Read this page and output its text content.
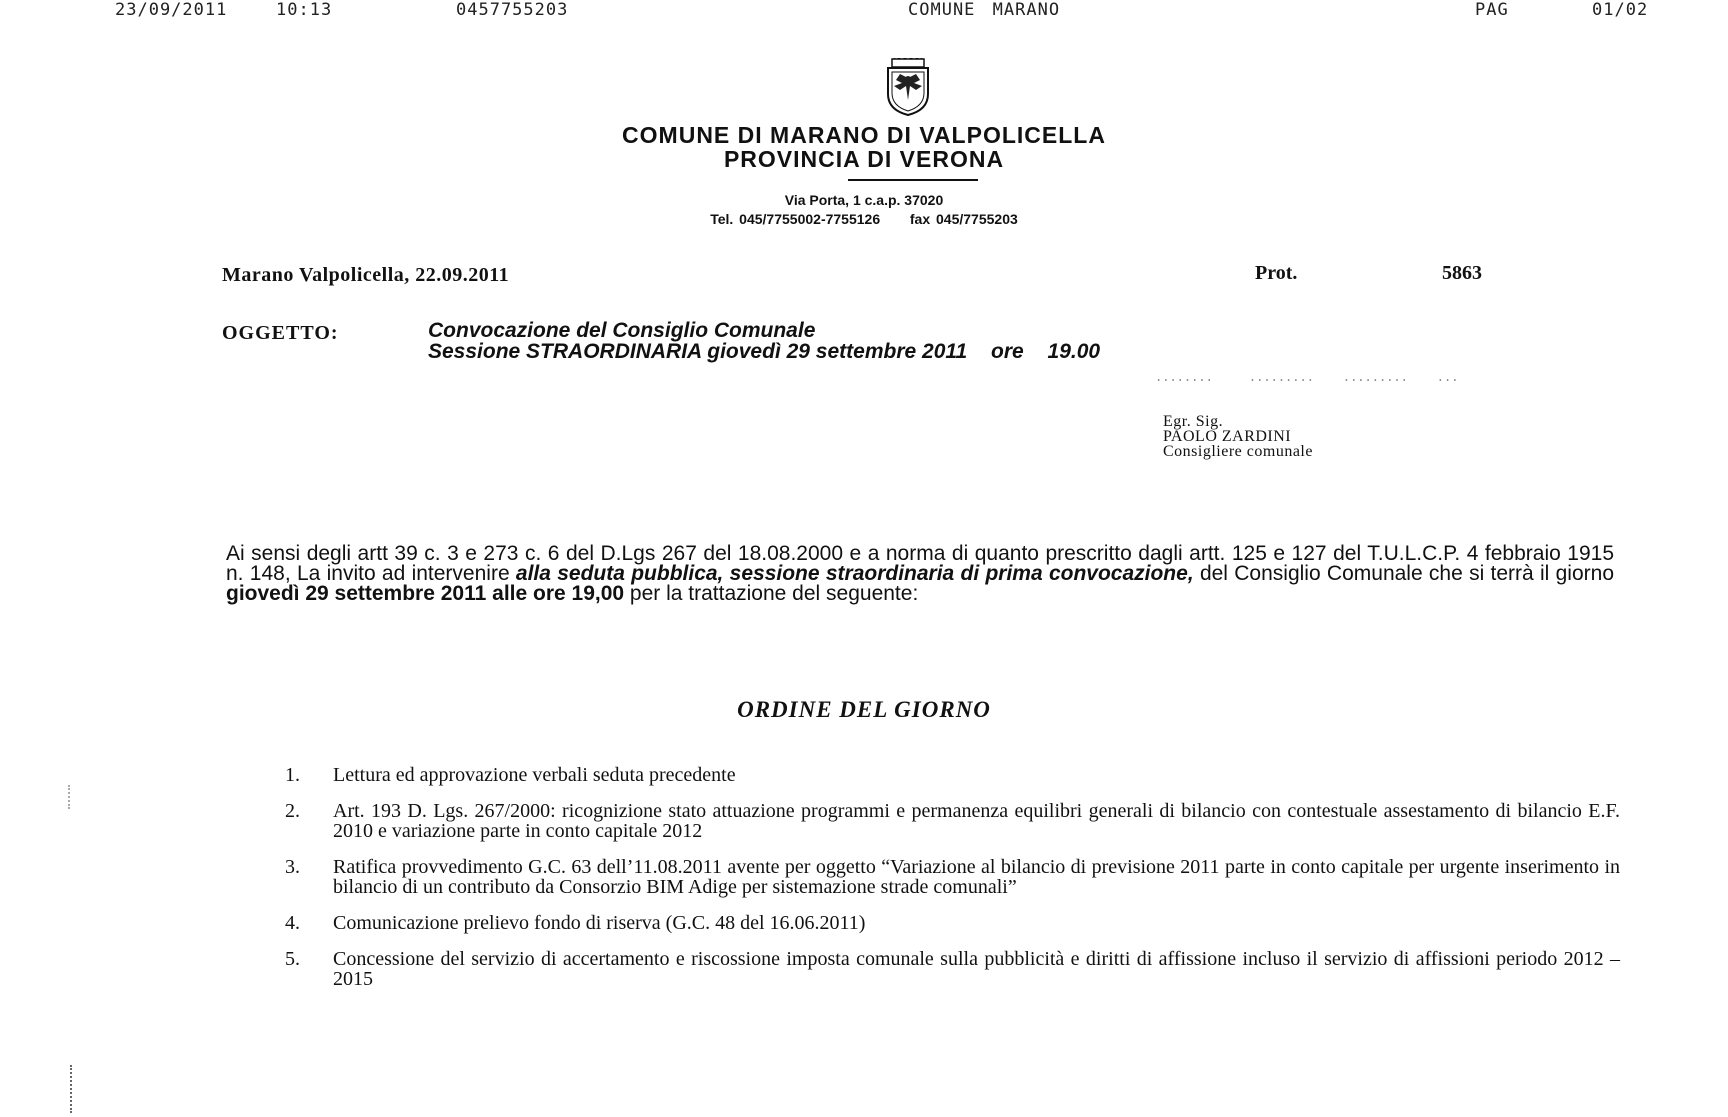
23/09/2011	10:13	0457755203	COMUNE MARANO	PAG	01/02
COMUNE DI MARANO DI VALPOLICELLA
PROVINCIA DI VERONA
Via Porta, 1 c.a.p. 37020
Tel. 045/7755002-7755126 fax 045/7755203
Marano Valpolicella, 22.09.2011	Prot.	5863
OGGETTO:	Convocazione del Consiglio Comunale
Sessione STRAORDINARIA giovedì 29 settembre 2011 ore 19.00
........     .........    .........    ...
Egr. Sig.
PAOLO ZARDINI
Consigliere comunale
Ai sensi degli artt 39 c. 3 e 273 c. 6 del D.Lgs 267 del 18.08.2000 e a norma di quanto prescritto dagli artt. 125 e 127 del T.U.L.C.P. 4 febbraio 1915 n. 148, La invito ad intervenire alla seduta pubblica, sessione straordinaria di prima convocazione, del Consiglio Comunale che si terrà il giorno giovedì 29 settembre 2011 alle ore 19,00 per la trattazione del seguente:
ORDINE DEL GIORNO
1.	Lettura ed approvazione verbali seduta precedente
2.	Art. 193 D. Lgs. 267/2000: ricognizione stato attuazione programmi e permanenza equilibri generali di bilancio con contestuale assestamento di bilancio E.F. 2010 e variazione parte in conto capitale 2012
3.	Ratifica provvedimento G.C. 63 dell’11.08.2011 avente per oggetto “Variazione al bilancio di previsione 2011 parte in conto capitale per urgente inserimento in bilancio di un contributo da Consorzio BIM Adige per sistemazione strade comunali”
4.	Comunicazione prelievo fondo di riserva (G.C. 48 del 16.06.2011)
5.	Concessione del servizio di accertamento e riscossione imposta comunale sulla pubblicità e diritti di affissione incluso il servizio di affissioni periodo 2012 – 2015
